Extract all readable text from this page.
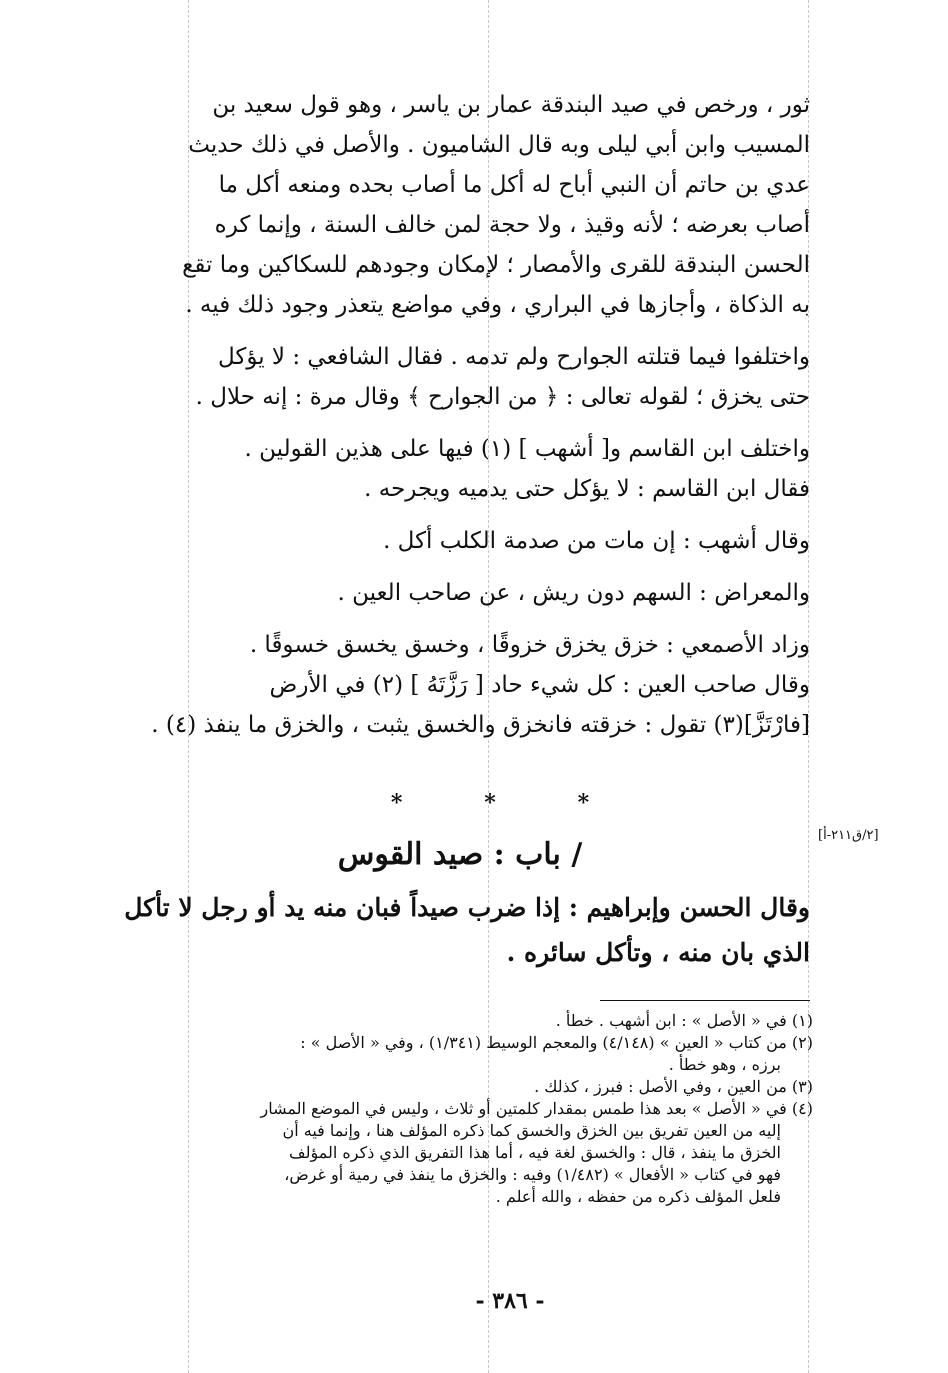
ثور ، ورخص في صيد البندقة عمار بن ياسر ، وهو قول سعيد بن
المسيب وابن أبي ليلى وبه قال الشاميون . والأصل في ذلك حديث
عدي بن حاتم أن النبي أباح له أكل ما أصاب بحده ومنعه أكل ما
أصاب بعرضه ؛ لأنه وقيذ ، ولا حجة لمن خالف السنة ، وإنما كره
الحسن البندقة للقرى والأمصار ؛ لإمكان وجودهم للسكاكين وما تقع
به الذكاة ، وأجازها في البراري ، وفي مواضع يتعذر وجود ذلك فيه .
واختلفوا فيما قتلته الجوارح ولم تدمه . فقال الشافعي : لا يؤكل
حتى يخزق ؛ لقوله تعالى : ﴿ من الجوارح ﴾ وقال مرة : إنه حلال .
واختلف ابن القاسم و[ أشهب ] (١) فيها على هذين القولين .
فقال ابن القاسم : لا يؤكل حتى يدميه ويجرحه .
وقال أشهب : إن مات من صدمة الكلب أكل .
والمعراض : السهم دون ريش ، عن صاحب العين .
وزاد الأصمعي : خزق يخزق خزوقًا ، وخسق يخسق خسوقًا .
وقال صاحب العين : كل شيء حاد [ رَزَّتَهُ ] (٢) في الأرض
[فارْتَزَّ](٣) تقول : خزقته فانخزق والخسق يثبت ، والخزق ما ينفذ (٤) .
*	*	*
[٢/ق٢١١-أ]
/ باب : صيد القوس
وقال الحسن وإبراهيم : إذا ضرب صيداً فبان منه يد أو رجل لا تأكل
الذي بان منه ، وتأكل سائره .
(١) في « الأصل » : ابن أشهب . خطأ .
(٢) من كتاب « العين » (٤/١٤٨) والمعجم الوسيط (١/٣٤١) ، وفي « الأصل » :
برزه ، وهو خطأ .
(٣) من العين ، وفي الأصل : فبرز ، كذلك .
(٤) في « الأصل » بعد هذا طمس بمقدار كلمتين أو ثلاث ، وليس في الموضع المشار
إليه من العين تفريق بين الخزق والخسق كما ذكره المؤلف هنا ، وإنما فيه أن
الخزق ما ينفذ ، قال : والخسق لغة فيه ، أما هذا التفريق الذي ذكره المؤلف
فهو في كتاب « الأفعال » (١/٤٨٢) وفيه : والخزق ما ينفذ في رمية أو غرض،
فلعل المؤلف ذكره من حفظه ، والله أعلم .
- ٣٨٦ -
